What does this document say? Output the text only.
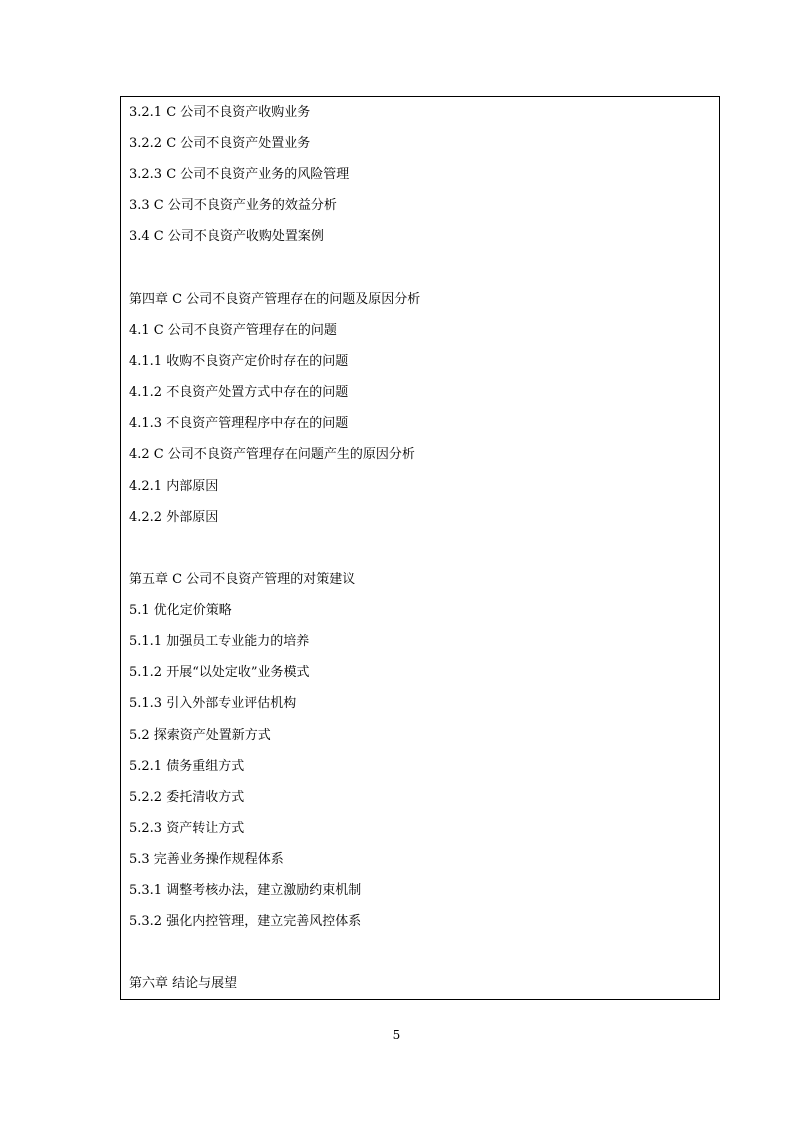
3.2.1 C 公司不良资产收购业务
3.2.2 C 公司不良资产处置业务
3.2.3 C 公司不良资产业务的风险管理
3.3 C 公司不良资产业务的效益分析
3.4 C 公司不良资产收购处置案例
第四章 C 公司不良资产管理存在的问题及原因分析
4.1 C 公司不良资产管理存在的问题
4.1.1 收购不良资产定价时存在的问题
4.1.2 不良资产处置方式中存在的问题
4.1.3 不良资产管理程序中存在的问题
4.2 C 公司不良资产管理存在问题产生的原因分析
4.2.1 内部原因
4.2.2 外部原因
第五章 C 公司不良资产管理的对策建议
5.1 优化定价策略
5.1.1 加强员工专业能力的培养
5.1.2 开展“以处定收”业务模式
5.1.3 引入外部专业评估机构
5.2 探索资产处置新方式
5.2.1 债务重组方式
5.2.2 委托清收方式
5.2.3 资产转让方式
5.3 完善业务操作规程体系
5.3.1 调整考核办法，建立激励约束机制
5.3.2 强化内控管理，建立完善风控体系
第六章 结论与展望
5
